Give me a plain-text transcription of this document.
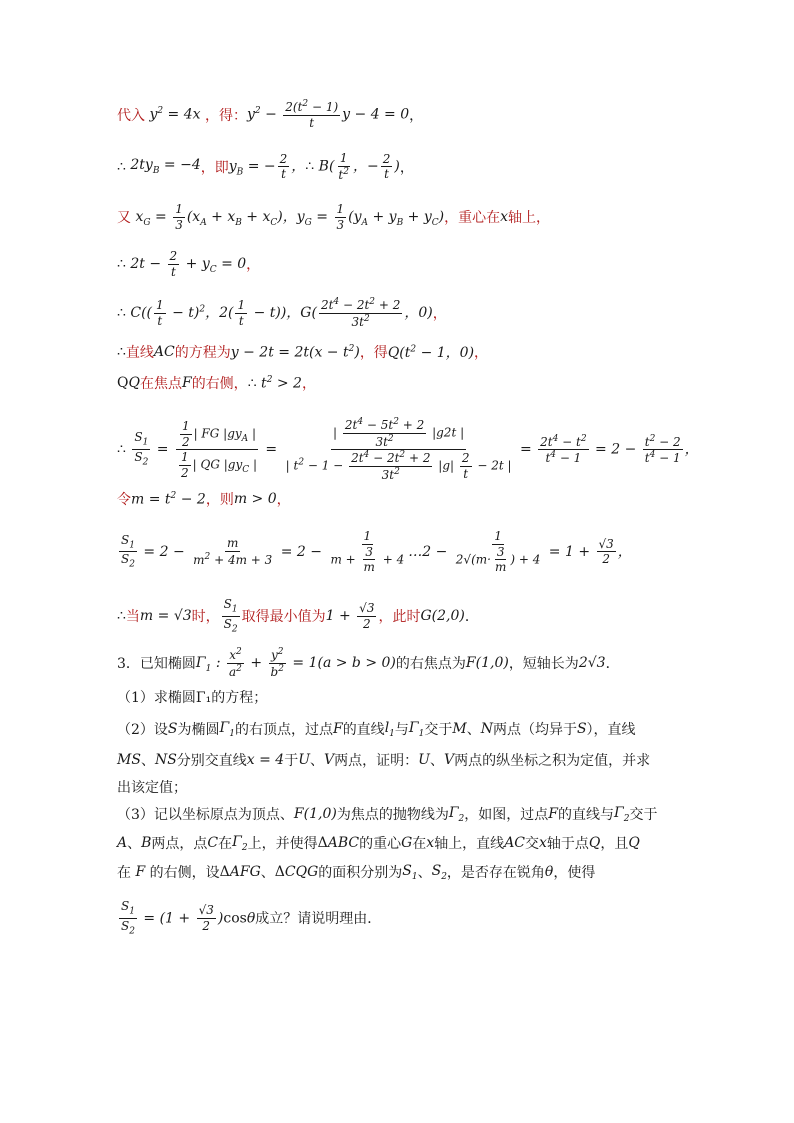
代入 $y^2 = 4x$ ，得： $y^2 - \frac{2(t^2 - 1)}{t}$ y − 4 = 0 ，
∴ $2ty_B = -4$ ，即 $y_B$ = − $\frac{2}{t}$ ，∴ $B( \frac{1}{t^2}$ ，− $\frac{2}{t}$ ) ，
又 $x_G = \frac{1}{3} (x_A + x_B + x_C)$，$y_G = \frac{1}{3} (y_A + y_B + y_C)$ ，重心在 x 轴上，
∴ $2t - \frac{2}{t} + y_C = 0$ ，
∴ $C(( \frac{1}{t} - t)^2$，$2( \frac{1}{t} - t)$)，$G( \frac{2t^4 - 2t^2 + 2}{3t^2}$ ，0) ，
∴ 直线 AC 的方程为 $y - 2t = 2t(x - t^2)$ ，得 $Q(t^2 - 1$，0) ，
QQ 在焦点 F 的右侧， ∴ $t^2 > 2$ ，
∴ $\frac{S_1}{S_2} = \frac{\frac{1}{2} | FG |gy_A |}{\frac{1}{2} | QG |gy_C |} = \frac{| \frac{2t^4 - 5t^2 + 2}{3t^2} |g2t |}{| t^2 - 1 - \frac{2t^4 - 2t^2 + 2}{3t^2} |g| \frac{2}{t} - 2t |} = \frac{2t^4 - t^2}{t^4 - 1} = 2 - \frac{t^2 - 2}{t^4 - 1}$ ，
令 $m = t^2 - 2$ ，则 m > 0 ，
$\frac{S_1}{S_2} = 2 - \frac{m}{m^2 + 4m + 3} = 2 - \frac{1}{m + \frac{3}{m} + 4}$ …2 − $\frac{1}{2√(m\cdot \frac{3}{m} ) + 4} = 1 + \frac{√3}{2}$ ，
∴ 当 m = √3 时， $\frac{S_1}{S_2}$ 取得最小值为 $1 + \frac{√3}{2}$ ，此时 G(2,0) ．
3． 已知椭圆 $\Gamma_1$ : $\frac{x^2}{a^2} + \frac{y^2}{b^2} = 1(a > b > 0)$ 的右焦点为 F(1,0) ，短轴长为 2√3 ．
（1）求椭圆Γ₁的方程；
（2）设 S 为椭圆 $\Gamma_1$ 的右顶点，过点 F 的直线 $l_1$ 与 $\Gamma_1$ 交于 M 、 N 两点（均异于 S ），直线
MS 、 NS 分别交直线 x = 4 于 U 、 V 两点，证明： U 、 V 两点的纵坐标之积为定值，并求
出该定值；
（3）记以坐标原点为顶点、 F(1,0) 为焦点的抛物线为 $\Gamma_2$ ，如图，过点 F 的直线与 $\Gamma_2$ 交于
A 、 B 两点，点 C 在 $\Gamma_2$ 上，并使得 ΔABC 的重心 G 在 x 轴上，直线 AC 交 x 轴于点 Q ，且 Q
在 F 的右侧，设 ΔAFG 、 ΔCQG 的面积分别为 $S_1$ 、 $S_2$ ，是否存在锐角 θ ，使得
$\frac{S_1}{S_2} = (1 + \frac{√3}{2} )\cos\theta$ 成立？请说明理由．
